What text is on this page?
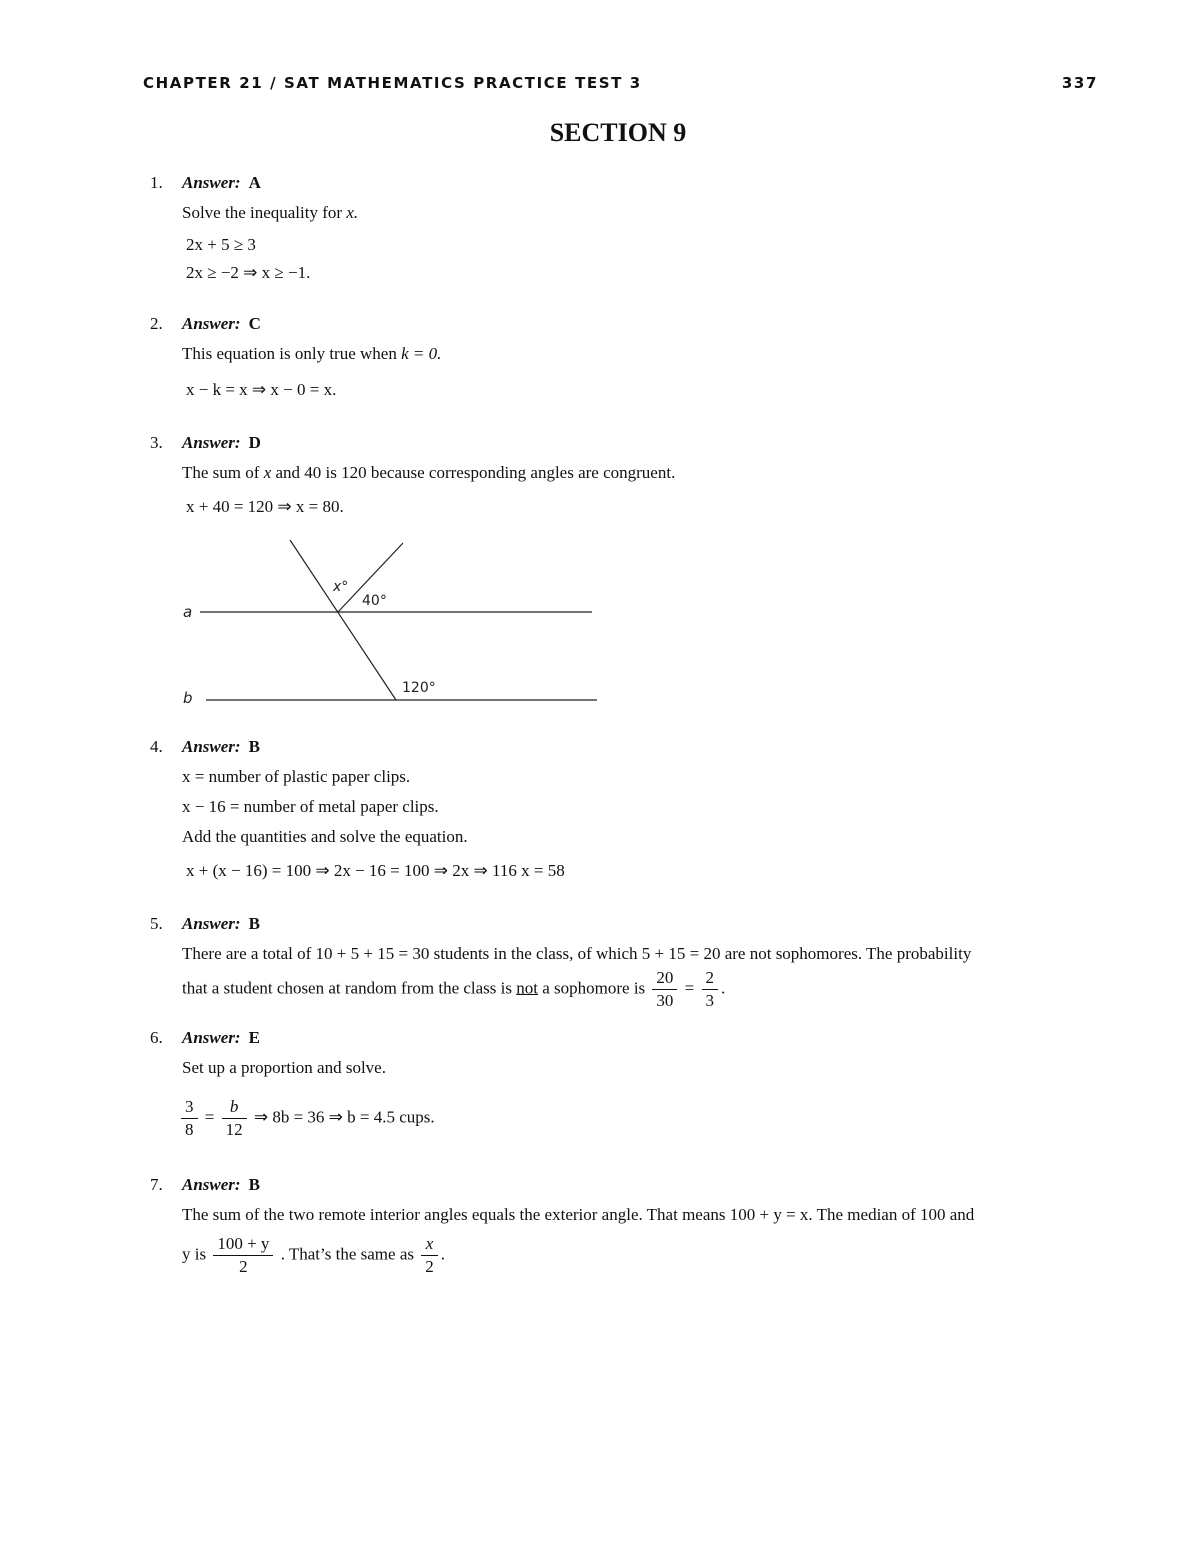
CHAPTER 21 / SAT MATHEMATICS PRACTICE TEST 3	337
SECTION 9
1. Answer: A
Solve the inequality for x.
2x + 5 ≥ 3
2x ≥ −2 ⇒ x ≥ −1.
2. Answer: C
This equation is only true when k = 0.
x − k = x ⇒ x − 0 = x.
3. Answer: D
The sum of x and 40 is 120 because corresponding angles are congruent.
x + 40 = 120 ⇒ x = 80.
a
b
x°
40°
120°
4. Answer: B
x = number of plastic paper clips.
x − 16 = number of metal paper clips.
Add the quantities and solve the equation.
x + (x − 16) = 100 ⇒ 2x − 16 = 100 ⇒ 2x ⇒ 116 x = 58
5. Answer: B
There are a total of 10 + 5 + 15 = 30 students in the class, of which 5 + 15 = 20 are not sophomores. The probability
that a student chosen at random from the class is not a sophomore is $\frac{20}{30} = \frac{2}{3}$ .
6. Answer: E
Set up a proportion and solve.
$\frac{3}{8} = \frac{b}{12}$ ⇒ 8b = 36 ⇒ b = 4.5 cups.
7. Answer: B
The sum of the two remote interior angles equals the exterior angle. That means 100 + y = x. The median of 100 and
y is $\frac{100 + y}{2}$ . That’s the same as $\frac{x}{2}$ .
